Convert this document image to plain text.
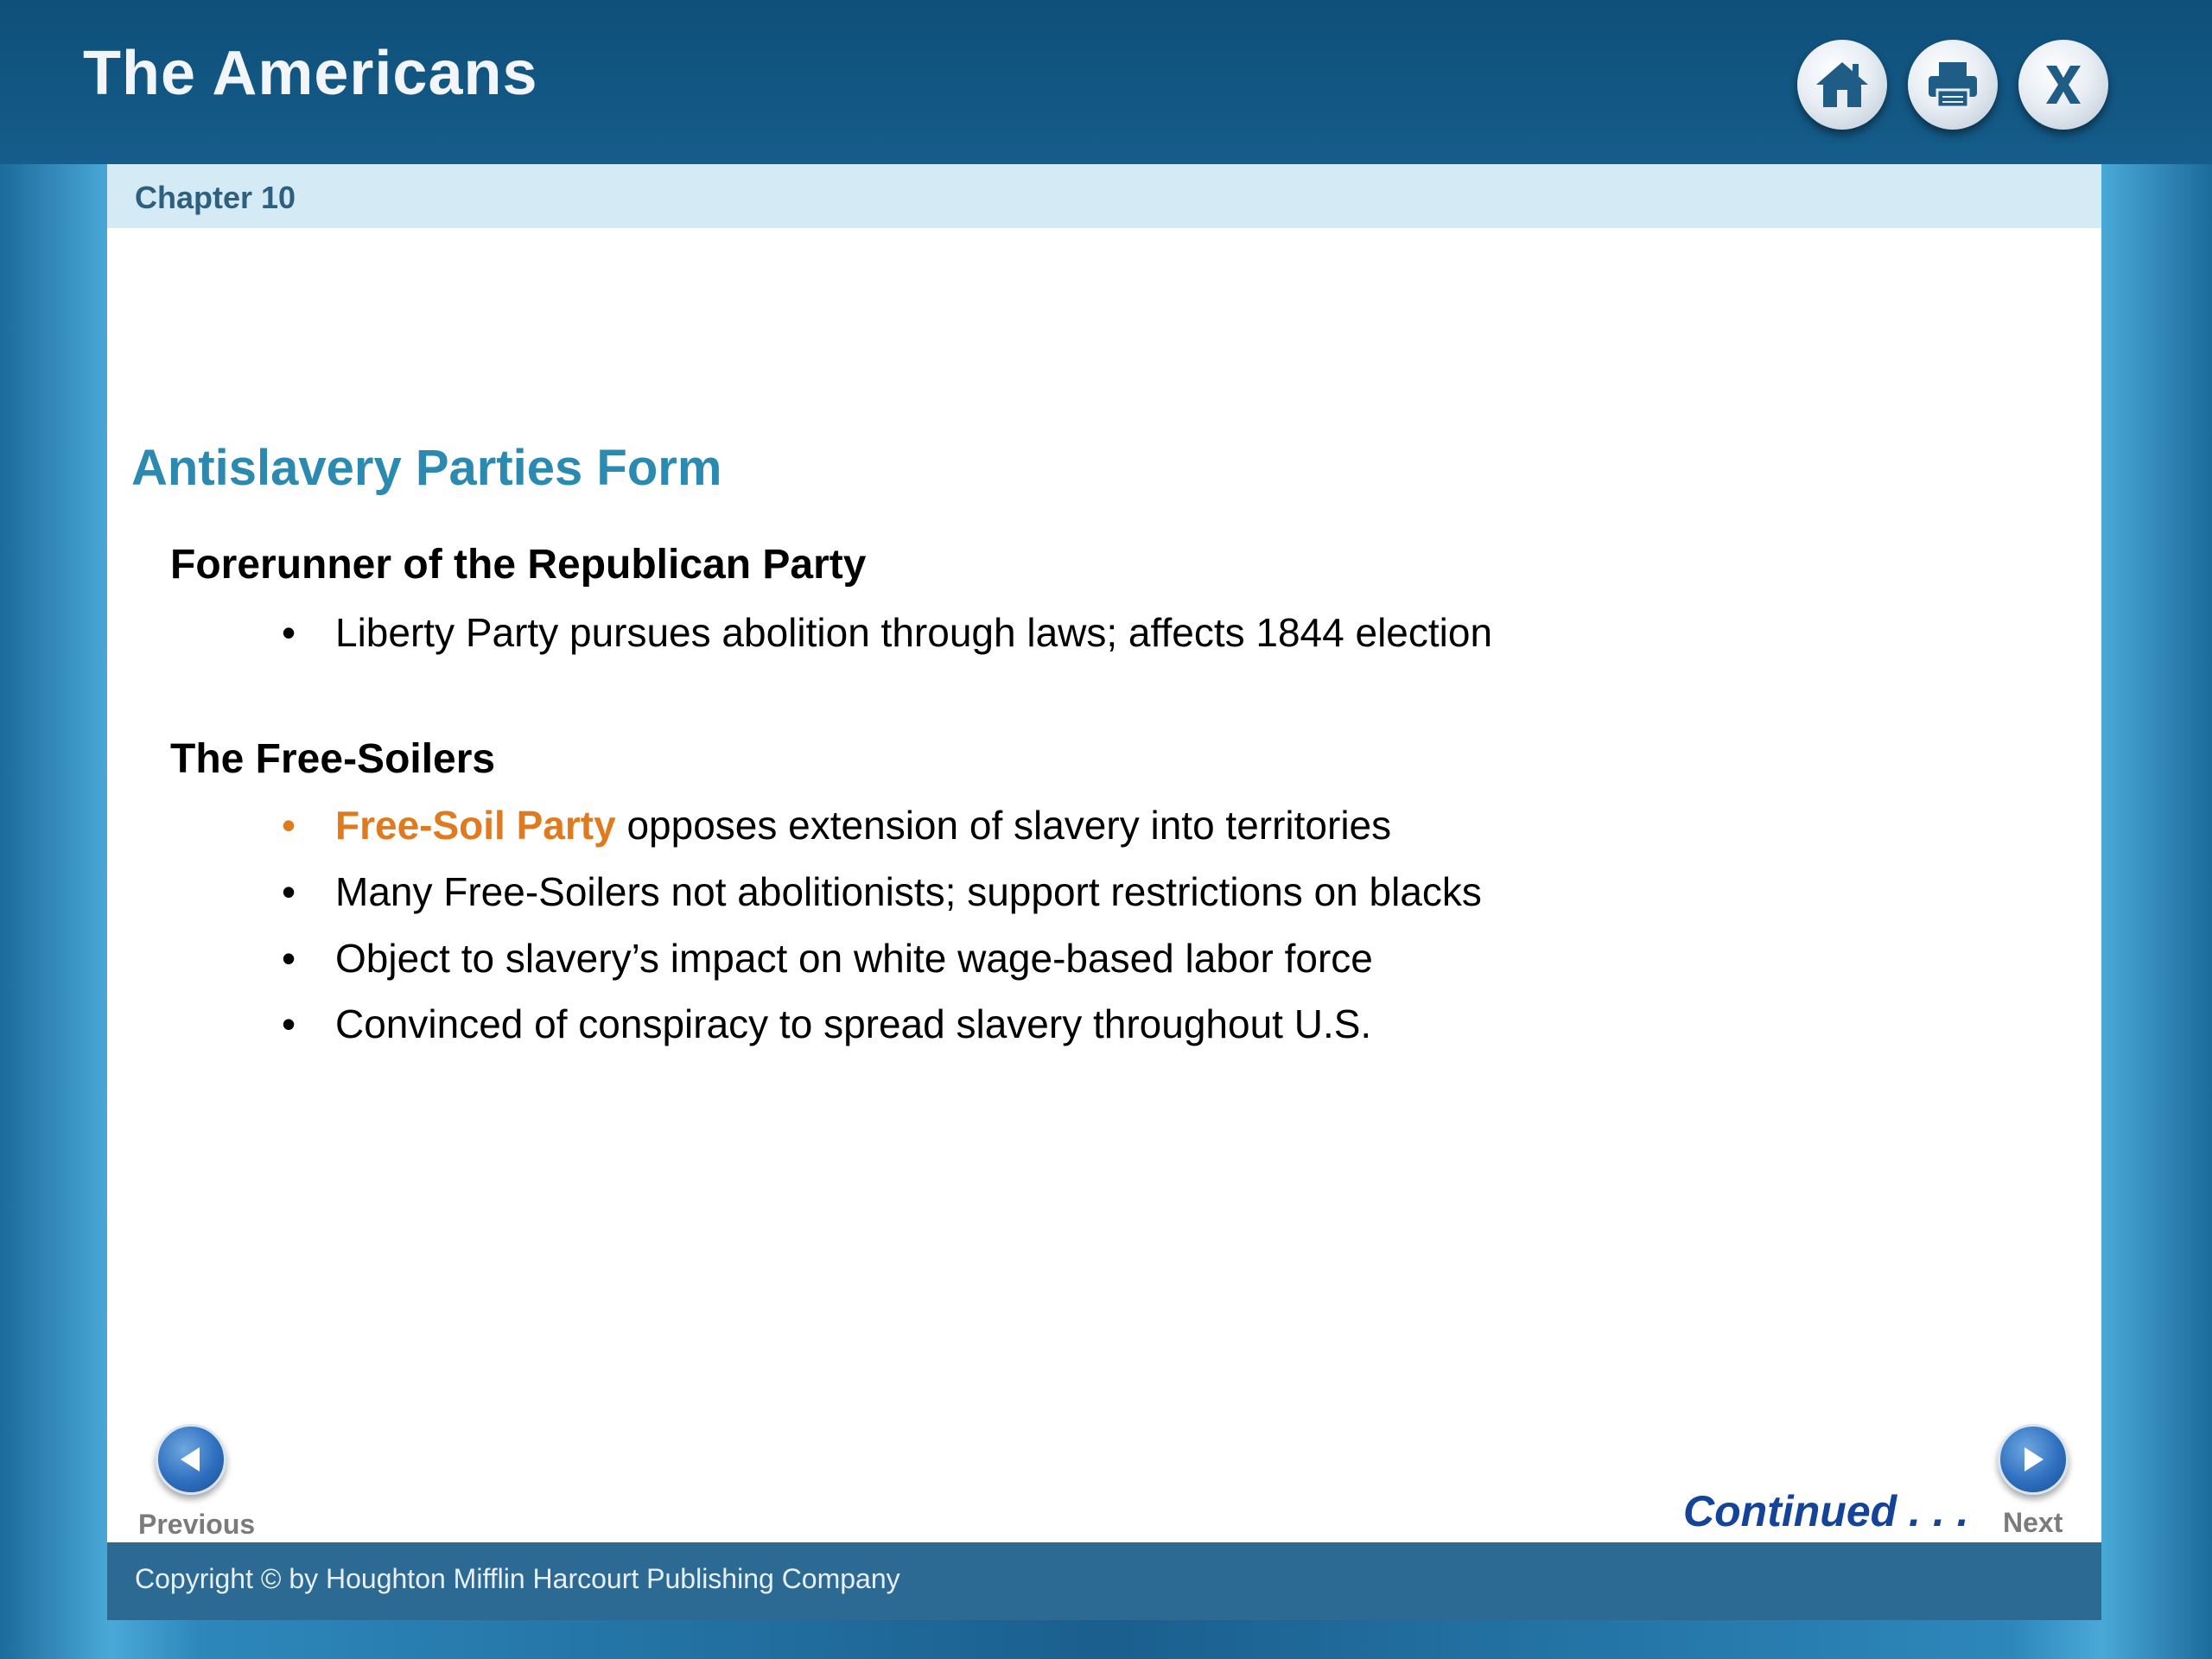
The Americans
Chapter 10
Antislavery Parties Form
Forerunner of the Republican Party
• Liberty Party pursues abolition through laws; affects 1844 election
The Free-Soilers
• Free-Soil Party opposes extension of slavery into territories
• Many Free-Soilers not abolitionists; support restrictions on blacks
• Object to slavery’s impact on white wage-based labor force
• Convinced of conspiracy to spread slavery throughout U.S.
Previous	Continued . . . Next
Copyright © by Houghton Mifflin Harcourt Publishing Company
